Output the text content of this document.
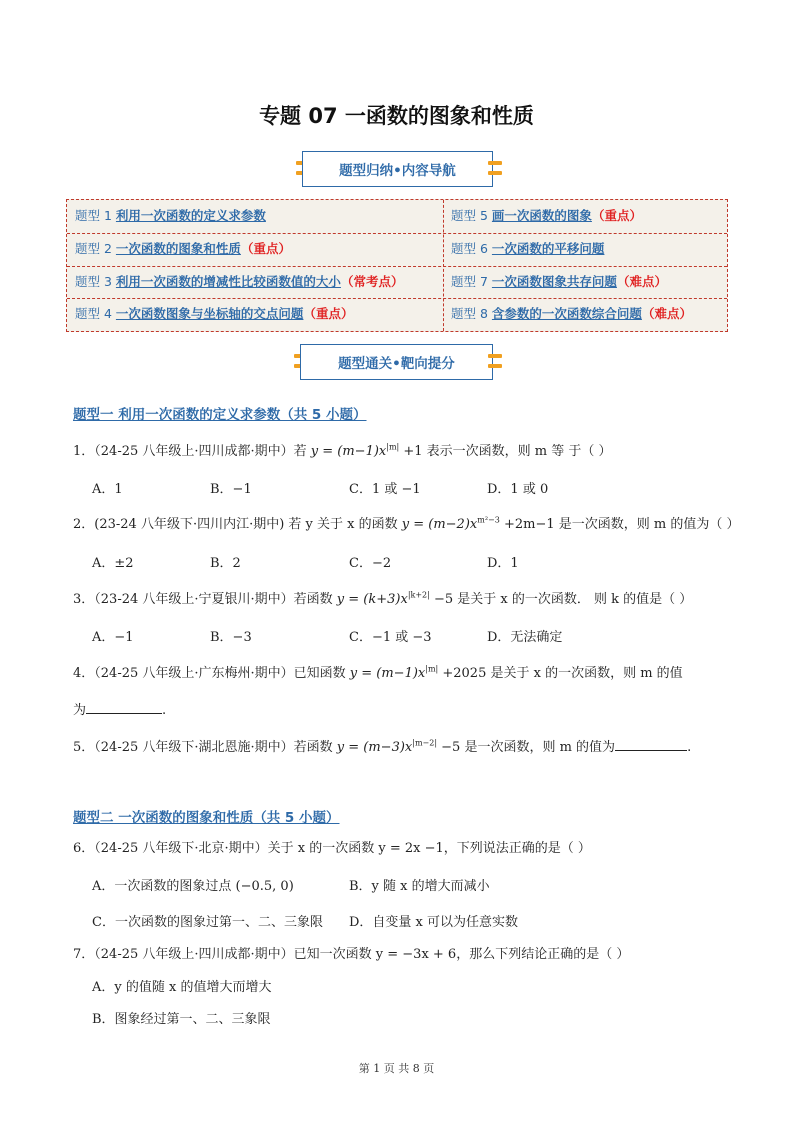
专题 07 一函数的图象和性质
题型归纳•内容导航
题型 1 利用一次函数的定义求参数	题型 5 画一次函数的图象（重点）
题型 2 一次函数的图象和性质（重点）	题型 6 一次函数的平移问题
题型 3 利用一次函数的增减性比较函数值的大小（常考点）	题型 7 一次函数图象共存问题（难点）
题型 4 一次函数图象与坐标轴的交点问题（重点）	题型 8 含参数的一次函数综合问题（难点）
题型通关•靶向提分
题型一 利用一次函数的定义求参数（共 5 小题）
1．（24-25 八年级上·四川成都·期中）若 $y = (m-1)x^{|m|} +1$ 表示一次函数，则 m 等 于（ ）
A．1	B．−1	C．1 或 −1	D．1 或 0
2．(23-24 八年级下·四川内江·期中) 若 y 关于 x 的函数 $y = (m-2)x^{m^2-3} +2m-1$ 是一次函数，则 m 的值为（ ）
A．±2	B．2	C．−2	D．1
3．（23-24 八年级上·宁夏银川·期中）若函数 $y = (k+3)x^{|k+2|} -5$ 是关于 x 的一次函数． 则 k 的值是（ ）
A．−1	B．−3	C．−1 或 −3	D．无法确定
4．（24-25 八年级上·广东梅州·期中）已知函数 $y = (m-1)x^{|m|} +2025$ 是关于 x 的一次函数，则 m 的值
为	.
5．（24-25 八年级下·湖北恩施·期中）若函数 $y = (m-3)x^{|m-2|} -5$ 是一次函数，则 m 的值为	.
题型二 一次函数的图象和性质（共 5 小题）
6．（24-25 八年级下·北京·期中）关于 x 的一次函数 y = 2x −1，下列说法正确的是（ ）
A．一次函数的图象过点 (−0.5, 0)	B．y 随 x 的增大而减小
C．一次函数的图象过第一、二、三象限 D．自变量 x 可以为任意实数
7．（24-25 八年级上·四川成都·期中）已知一次函数 y = −3x + 6，那么下列结论正确的是（ ）
A．y 的值随 x 的值增大而增大
B．图象经过第一、二、三象限
第 1 页 共 8 页
